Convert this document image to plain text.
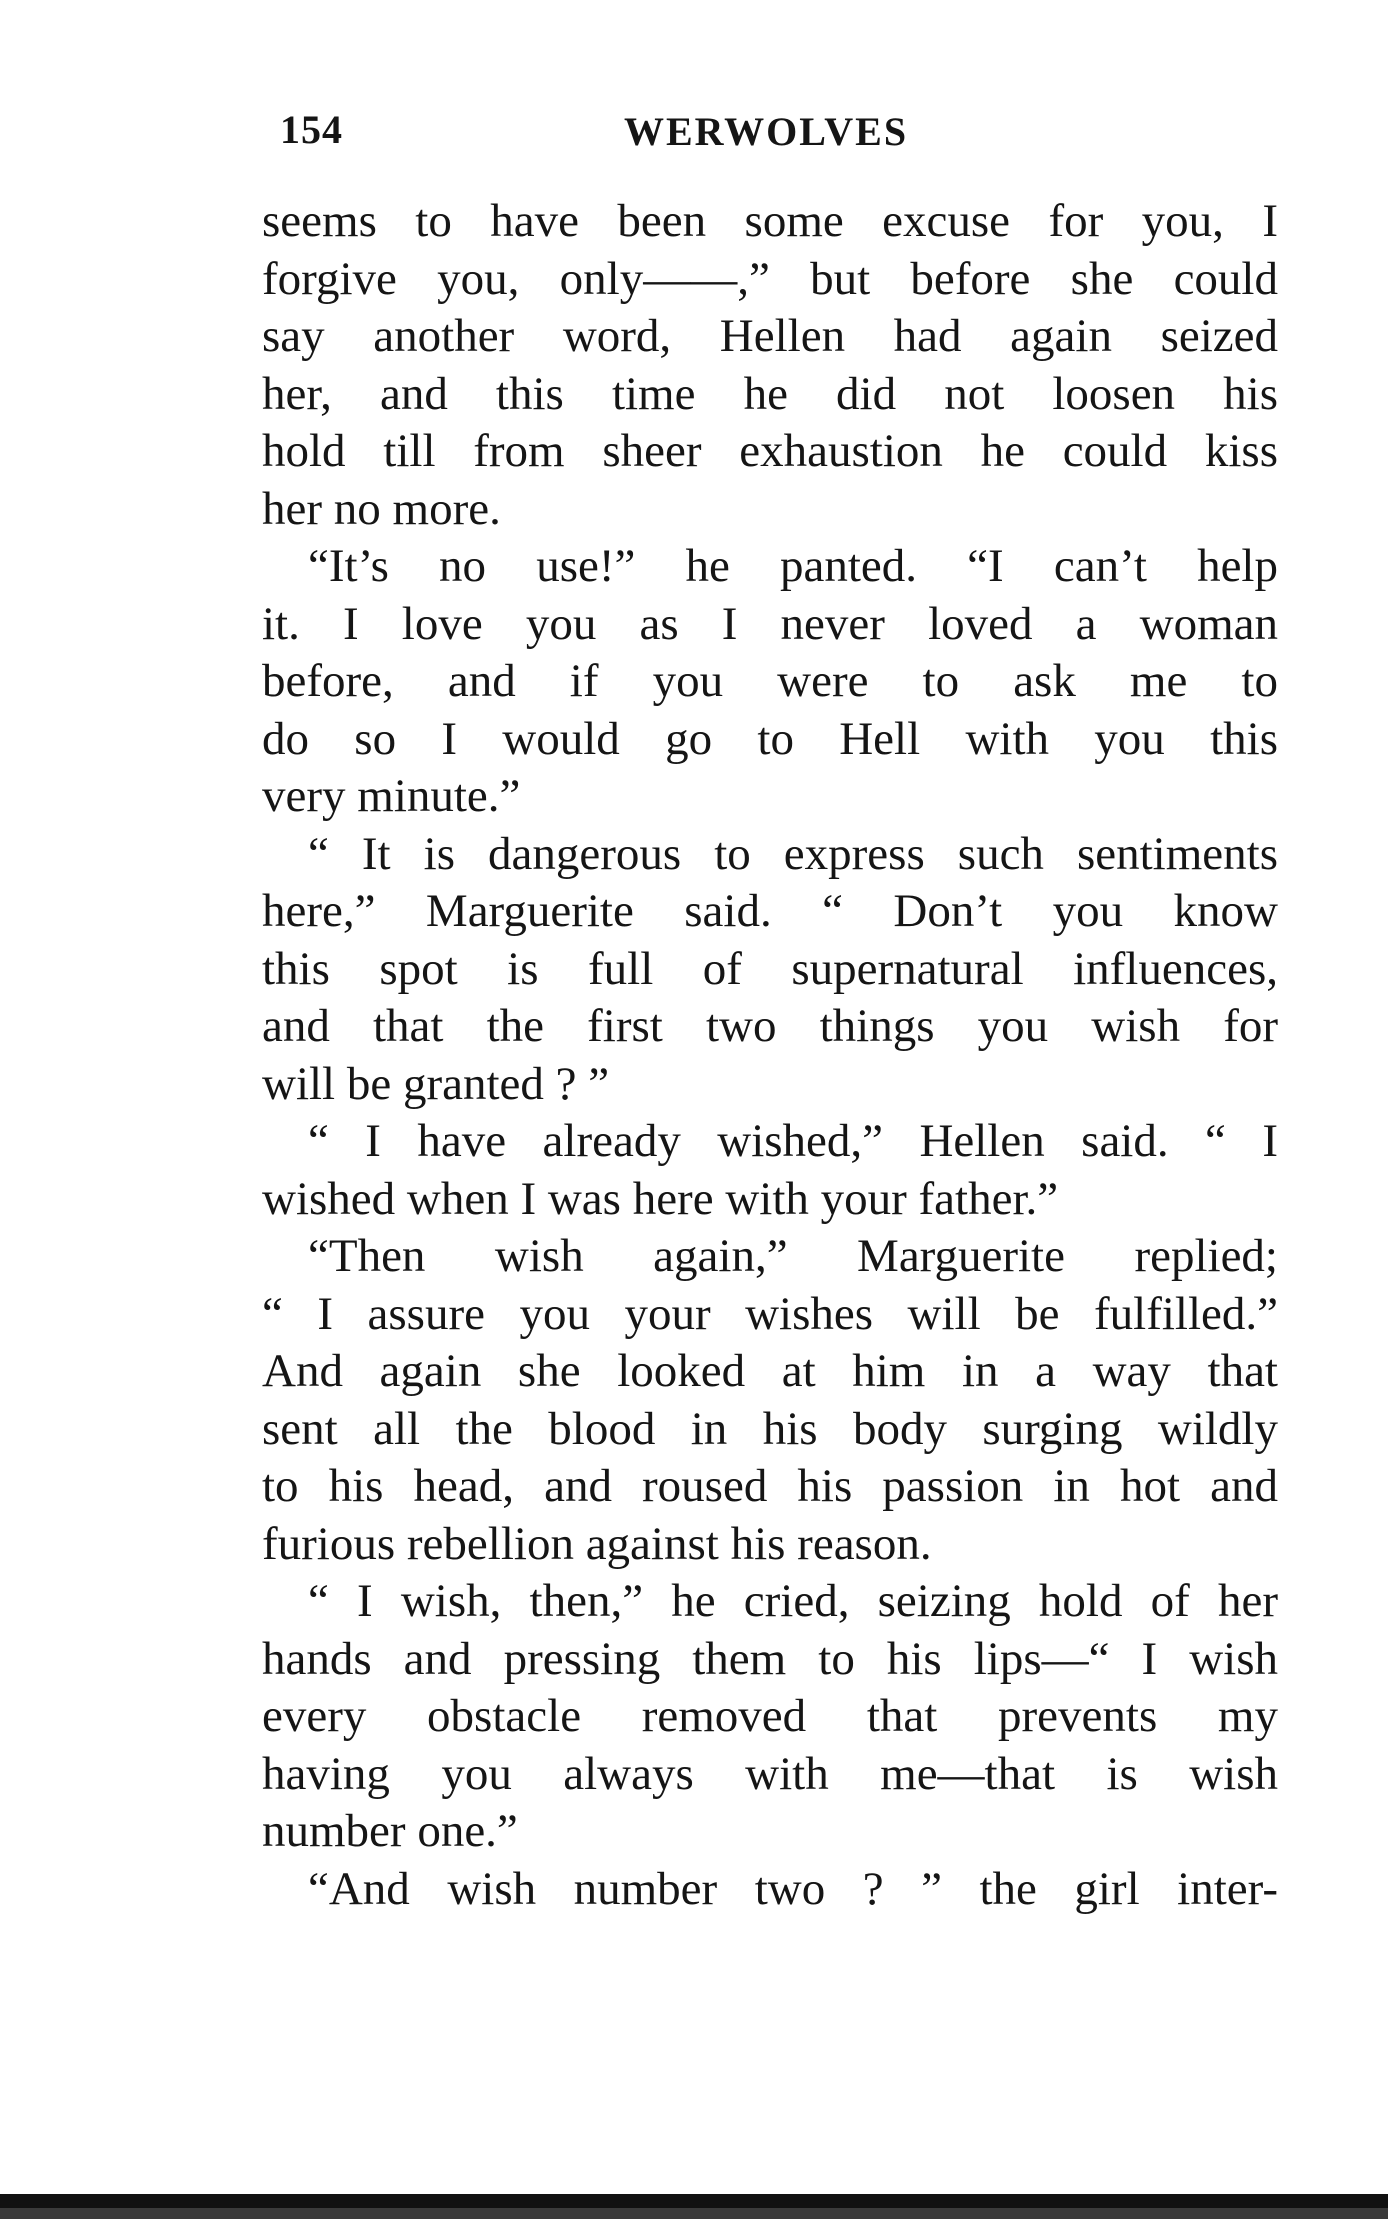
154	WERWOLVES
seems to have been some excuse for you, I
forgive you, only——,” but before she could
say another word, Hellen had again seized
her, and this time he did not loosen his
hold till from sheer exhaustion he could kiss
her no more.
“It’s no use!” he panted. “I can’t help
it. I love you as I never loved a woman
before, and if you were to ask me to
do so I would go to Hell with you this
very minute.”
“ It is dangerous to express such sentiments
here,” Marguerite said. “ Don’t you know
this spot is full of supernatural influences,
and that the first two things you wish for
will be granted ? ”
“ I have already wished,” Hellen said. “ I
wished when I was here with your father.”
“Then wish again,” Marguerite replied;
“ I assure you your wishes will be fulfilled.”
And again she looked at him in a way that
sent all the blood in his body surging wildly
to his head, and roused his passion in hot and
furious rebellion against his reason.
“ I wish, then,” he cried, seizing hold of her
hands and pressing them to his lips—“ I wish
every obstacle removed that prevents my
having you always with me—that is wish
number one.”
“And wish number two ? ” the girl inter-
